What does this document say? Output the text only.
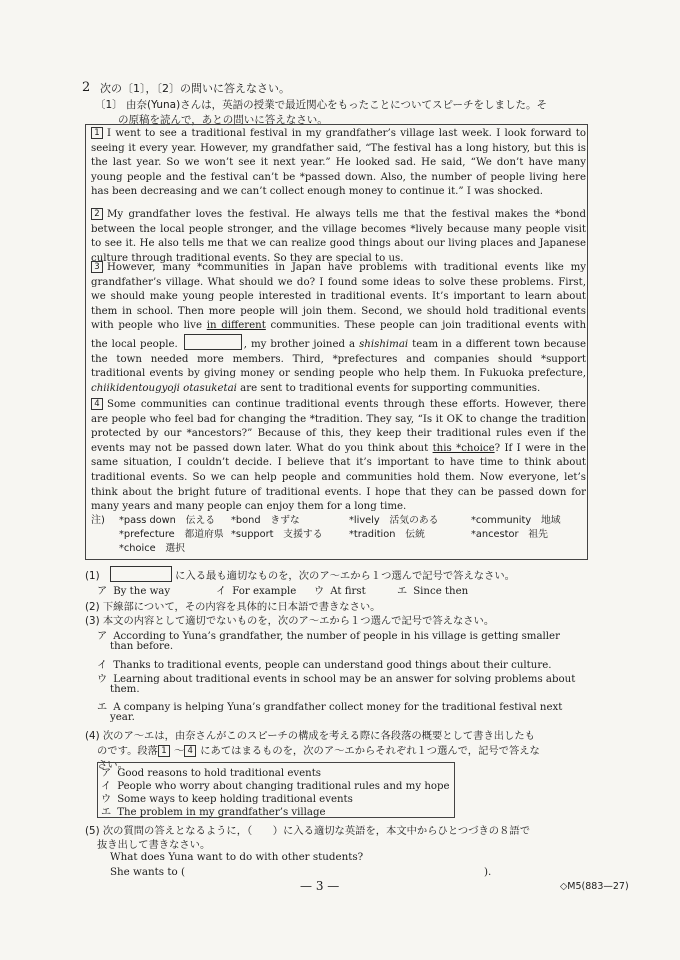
2 次の〔1〕，〔2〕の問いに答えなさい。
〔1〕 由奈(Yuna)さんは，英語の授業で最近関心をもったことについてスピーチをしました。そ
の原稿を読んで，あとの問いに答えなさい。
1 I went to see a traditional festival in my grandfather’s village last week. I look forward to seeing it every year. However, my grandfather said, “The festival has a long history, but this is the last year. So we won’t see it next year.” He looked sad. He said, “We don’t have many young people and the festival can’t be *passed down. Also, the number of people living here has been decreasing and we can’t collect enough money to continue it.” I was shocked.
2 My grandfather loves the festival. He always tells me that the festival makes the *bond between the local people stronger, and the village becomes *lively because many people visit to see it. He also tells me that we can realize good things about our living places and Japanese culture through traditional events. So they are special to us.
3 However, many *communities in Japan have problems with traditional events like my grandfather’s village. What should we do? I found some ideas to solve these problems. First, we should make young people interested in traditional events. It’s important to learn about them in school. Then more people will join them. Second, we should hold traditional events with people who live in different communities. These people can join traditional events with the local people.	, my brother joined a shishimai team in a different town because the town needed more members. Third, *prefectures and companies should *support traditional events by giving money or sending people who help them. In Fukuoka prefecture, chiikidentougyoji otasuketai are sent to traditional events for supporting communities.
4 Some communities can continue traditional events through these efforts. However, there are people who feel bad for changing the *tradition. They say, “Is it OK to change the tradition protected by our *ancestors?” Because of this, they keep their traditional rules even if the events may not be passed down later. What do you think about this *choice? If I were in the same situation, I couldn’t decide. I believe that it’s important to have time to think about traditional events. So we can help people and communities hold them. Now everyone, let’s think about the bright future of traditional events. I hope that they can be passed down for many years and many people can enjoy them for a long time.
注) *pass down　伝える *bond　きずな	*lively　活気のある	*community　地域
*prefecture　都道府県 *support　支援する	*tradition　伝統	*ancestor　祖先
*choice　選択
(1)　	に入る最も適切なものを，次のア～エから１つ選んで記号で答えなさい。
ア By the way	イ For example ウ At first	エ Since then
(2) 下線部について，その内容を具体的に日本語で書きなさい。
(3) 本文の内容として適切でないものを，次のア～エから１つ選んで記号で答えなさい。
ア According to Yuna’s grandfather, the number of people in his village is getting smaller
than before.
イ Thanks to traditional events, people can understand good things about their culture.
ウ Learning about traditional events in school may be an answer for solving problems about
them.
エ A company is helping Yuna’s grandfather collect money for the traditional festival next
year.
(4) 次のア～エは，由奈さんがこのスピーチの構成を考える際に各段落の概要として書き出したも
のです。段落 1 ～ 4 にあてはまるものを，次のア～エからそれぞれ１つ選んで，記号で答えな
さい。
ア Good reasons to hold traditional events
イ People who worry about changing traditional rules and my hope
ウ Some ways to keep holding traditional events
エ The problem in my grandfather’s village
(5) 次の質問の答えとなるように，（　　 ）に入る適切な英語を，本文中からひとつづきの８語で
抜き出して書きなさい。
What does Yuna want to do with other students?
She wants to (	).
— 3 —	◇M5(883—27)
